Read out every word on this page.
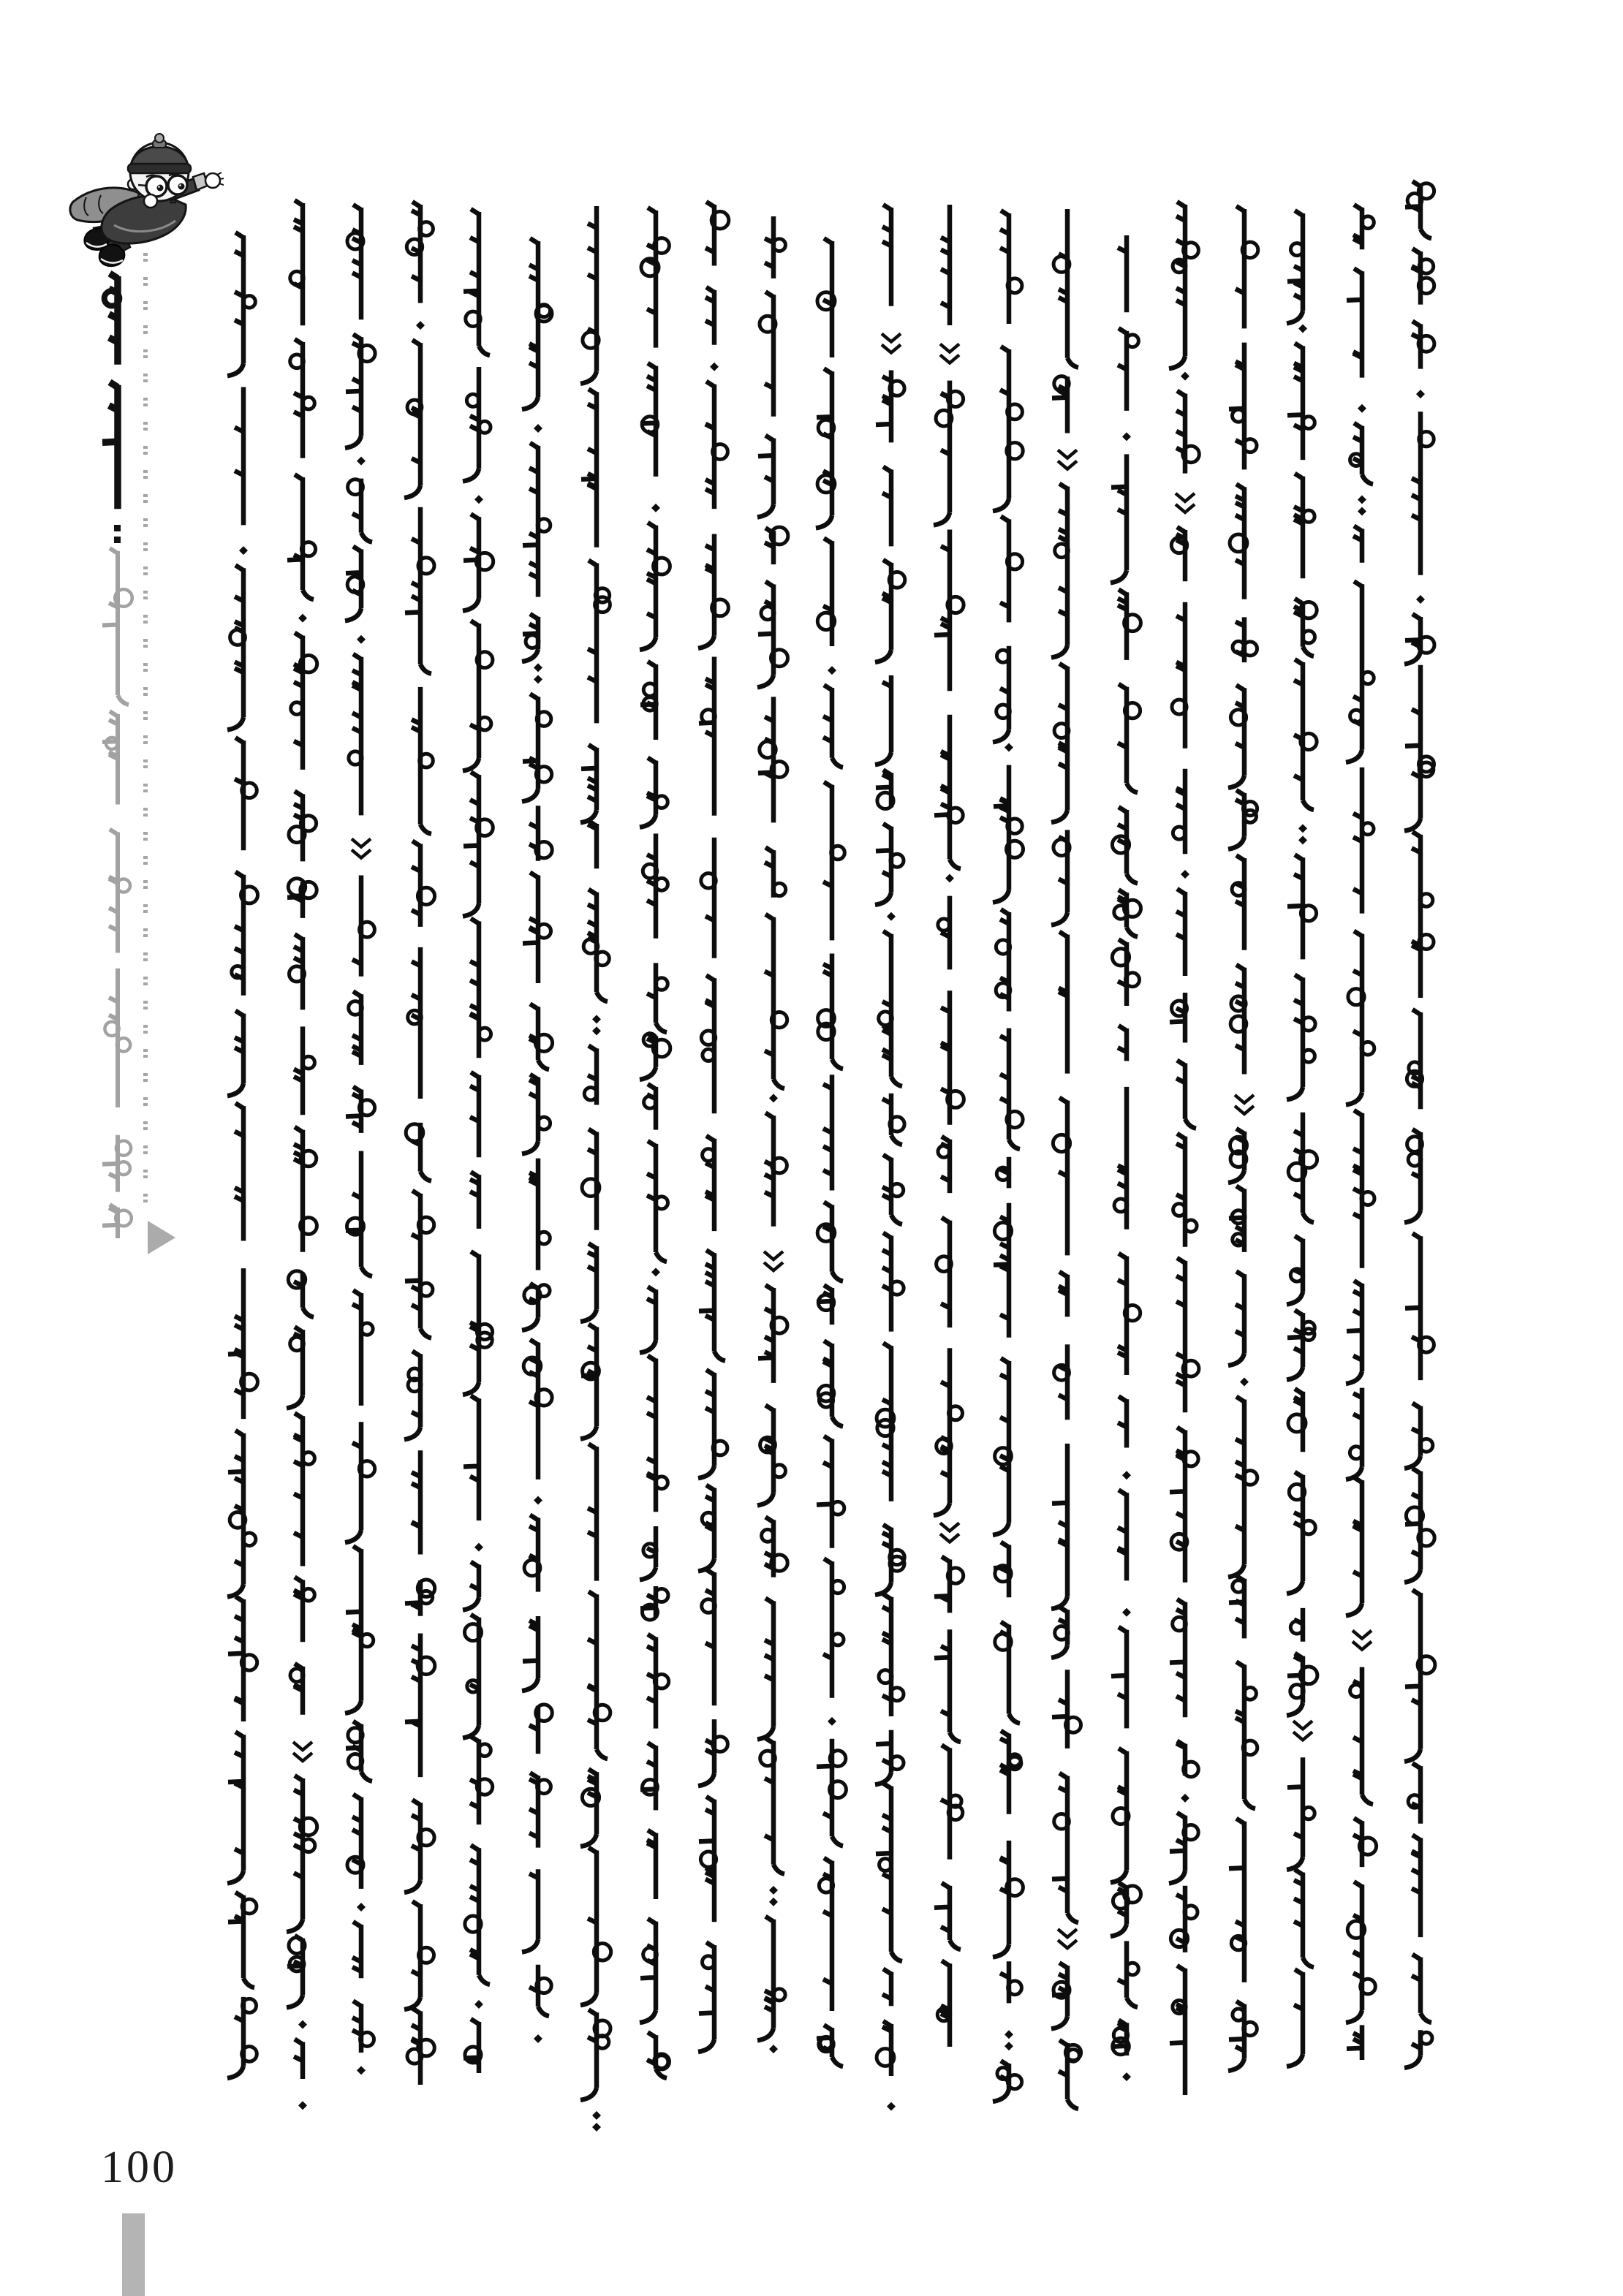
100
